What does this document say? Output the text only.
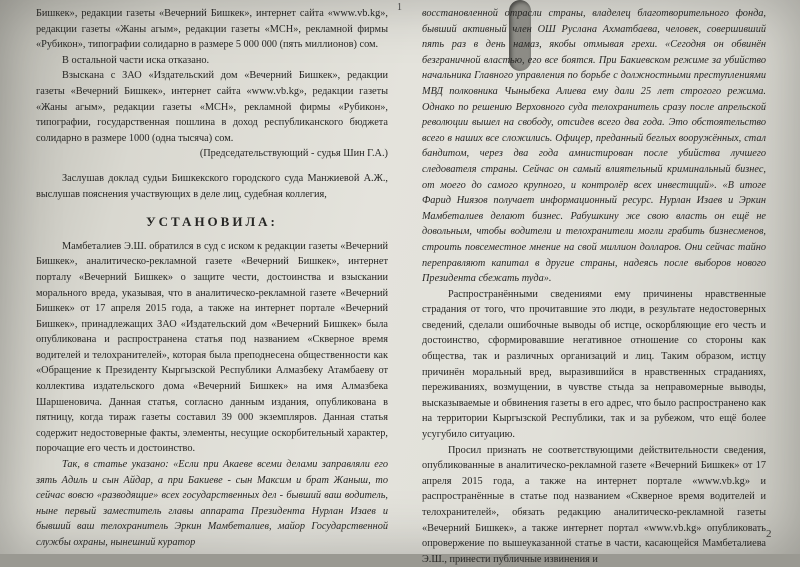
1

Бишкек», редакции газеты «Вечерний Бишкек», интернет сайта «www.vb.kg», редакции газеты «Жаны агым», редакции газеты «МСН», рекламной фирмы «Рубикон», типографии солидарно в размере 5 000 000 (пять миллионов) сом.

В остальной части иска отказано.

Взыскана с ЗАО «Издательский дом «Вечерний Бишкек», редакции газеты «Вечерний Бишкек», интернет сайта «www.vb.kg», редакции газеты «Жаны агым», редакции газеты «МСН», рекламной фирмы «Рубикон», типографии, государственная пошлина в доход республиканского бюджета солидарно в размере 1000 (одна тысяча) сом.

(Председательствующий - судья Шин Г.А.)

Заслушав доклад судьи Бишкекского городского суда Манжиевой А.Ж., выслушав пояснения участвующих в деле лиц, судебная коллегия,

УСТАНОВИЛА:

Мамбеталиев Э.Ш. обратился в суд с иском к редакции газеты «Вечерний Бишкек», аналитическо-рекламной газете «Вечерний Бишкек», интернет порталу «Вечерний Бишкек» о защите чести, достоинства и взыскании морального вреда, указывая, что в аналитическо-рекламной газете «Вечерний Бишкек» от 17 апреля 2015 года, а также на интернет портале «Вечерний Бишкек», принадлежащих ЗАО «Издательский дом «Вечерний Бишкек» была опубликована и распространена статья под названием «Скверное время водителей и телохранителей», которая была преподнесена общественности как «Обращение к Президенту Кыргызской Республики Алмазбеку Атамбаеву от коллектива издательского дома «Вечерний Бишкек» на имя Алмазбека Шаршеновича. Данная статья, согласно данным издания, опубликована в пятницу, когда тираж газеты составил 39 000 экземпляров. Данная статья содержит недостоверные факты, элементы, несущие оскорбительный характер, порочащие его честь и достоинство.

Так, в статье указано: «Если при Акаеве всеми делами заправляли его зять Адиль и сын Айдар, а при Бакиеве - сын Максим и брат Жаныш, то сейчас вовсю «разводящие» всех государственных дел - бывший ваш водитель, ныне первый заместитель главы аппарата Президента Нурлан Изаев и бывший ваш телохранитель Эркин Мамбеталиев, майор Государственной службы охраны, нынешний куратор

восстановленной отрасли страны, владелец благотворительного фонда, бывший активный член ОШ Руслана Ахматбаева, человек, совершивший пять раз в день намаз, якобы отмывая грехи. «Сегодня он обвинён безграничной властью, его все боятся. При Бакиевском режиме за убийство начальника Главного управления по борьбе с должностными преступлениями МВД полковника Чыныбека Алиева ему дали 25 лет строгого режима. Однако по решению Верховного суда телохранитель сразу после апрельской революции вышел на свободу, отсидев всего два года. Это обстоятельство всего в наших все сложились. Офицер, преданный беглых вооружённых, стал бандитом, через два года амнистирован после убийства лучшего следователя страны. Сейчас он самый влиятельный криминальный бизнес, от моего до самого крупного, и контролёр всех инвестиций». «В итоге Фарид Ниязов получает информационный ресурс. Нурлан Изаев и Эркин Мамбеталиев делают бизнес. Рабушкину же свою власть он ещё не довольным, чтобы водители и телохранители могли грабить бизнесменов, строить повсеместное мнение на свой миллион долларов. Они сейчас тайно переправляют капитал в другие страны, надеясь после выборов нового Президента сбежать туда».

Распространёнными сведениями ему причинены нравственные страдания от того, что прочитавшие это люди, в результате недостоверных сведений, сделали ошибочные выводы об истце, оскорбляющие его честь и достоинство, сформировавшие негативное отношение со стороны как общества, так и различных организаций и лиц. Таким образом, истцу причинён моральный вред, выразившийся в нравственных страданиях, переживаниях, возмущении, в чувстве стыда за неправомерные выводы, высказываемые и обвинения газеты в его адрес, что было распространено как на территории Кыргызской Республики, так и за рубежом, что ещё более усугубило ситуацию.

Просил признать не соответствующими действительности сведения, опубликованные в аналитическо-рекламной газете «Вечерний Бишкек» от 17 апреля 2015 года, а также на интернет портале «www.vb.kg» и распространённые в статье под названием «Скверное время водителей и телохранителей», обязать редакцию аналитическо-рекламной газеты «Вечерний Бишкек», а также интернет портал «www.vb.kg» опубликовать опровержение по вышеуказанной статье в части, касающейся Мамбеталиева Э.Ш., принести публичные извинения и

2
